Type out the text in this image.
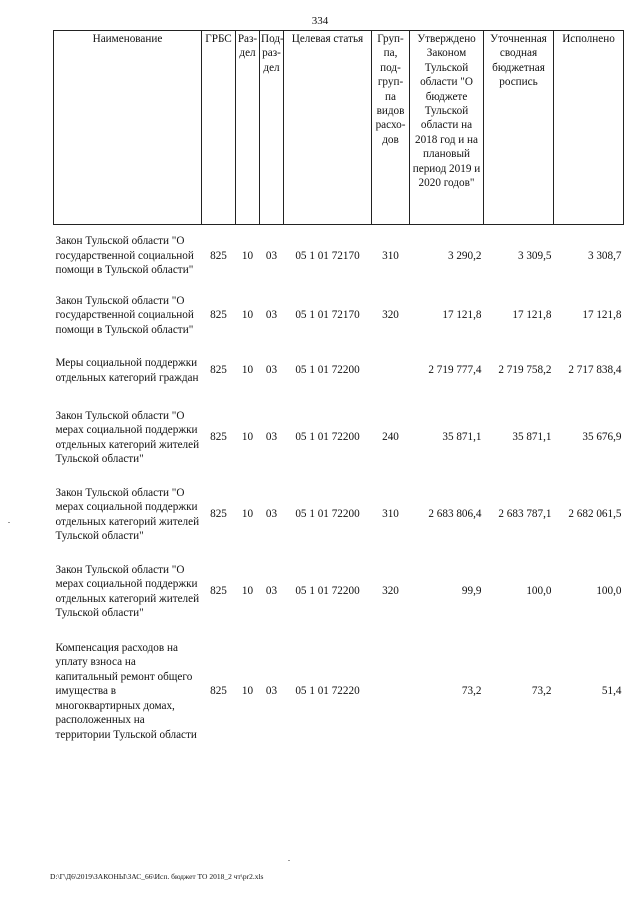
334
Наименование	ГРБС	Раз-дел	Под-раз-дел	Целевая статья	Груп-па, под-груп-па видов расхо-дов	Утверждено Законом Тульской области "О бюджете Тульской области на 2018 год и на плановый период 2019 и 2020 годов"	Уточненная сводная бюджетная роспись	Исполнено
Закон Тульской области "О государственной социальной помощи в Тульской области"	825	10	03	05 1 01 72170	310	3 290,2	3 309,5	3 308,7
Закон Тульской области "О государственной социальной помощи в Тульской области"	825	10	03	05 1 01 72170	320	17 121,8	17 121,8	17 121,8
Меры социальной поддержки отдельных категорий граждан	825	10	03	05 1 01 72200		2 719 777,4	2 719 758,2	2 717 838,4
Закон Тульской области "О мерах социальной поддержки отдельных категорий жителей Тульской области"	825	10	03	05 1 01 72200	240	35 871,1	35 871,1	35 676,9
Закон Тульской области "О мерах социальной поддержки отдельных категорий жителей Тульской области"	825	10	03	05 1 01 72200	310	2 683 806,4	2 683 787,1	2 682 061,5
Закон Тульской области "О мерах социальной поддержки отдельных категорий жителей Тульской области"	825	10	03	05 1 01 72200	320	99,9	100,0	100,0
Компенсация расходов на уплату взноса на капитальный ремонт общего имущества в многоквартирных домах, расположенных на территории Тульской области	825	10	03	05 1 01 72220		73,2	73,2	51,4
D:\Г\Д6\2019\ЗАКОНЫ\ЗАС_66\Исп. бюджет ТО 2018_2 чт\pr2.xls
